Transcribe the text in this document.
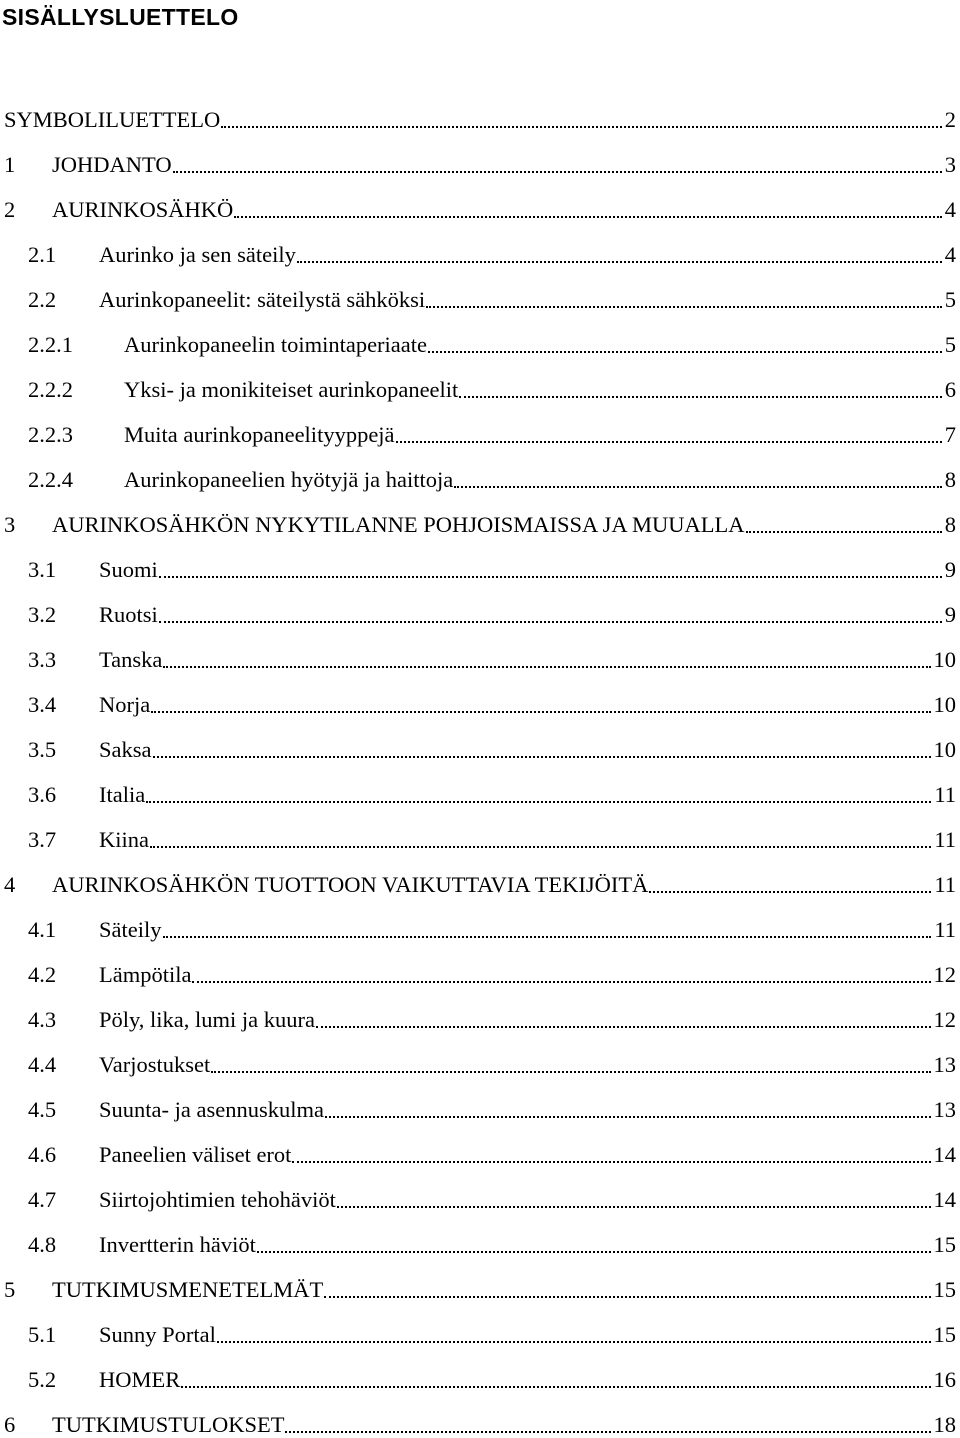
SISÄLLYSLUETTELO
SYMBOLILUETTELO	2
1 JOHDANTO	3
2 AURINKOSÄHKÖ	4
2.1 Aurinko ja sen säteily	4
2.2 Aurinkopaneelit: säteilystä sähköksi	5
2.2.1 Aurinkopaneelin toimintaperiaate	5
2.2.2 Yksi- ja monikiteiset aurinkopaneelit	6
2.2.3 Muita aurinkopaneelityyppejä	7
2.2.4 Aurinkopaneelien hyötyjä ja haittoja	8
3 AURINKOSÄHKÖN NYKYTILANNE POHJOISMAISSA JA MUUALLA	8
3.1 Suomi	9
3.2 Ruotsi	9
3.3 Tanska	10
3.4 Norja	10
3.5 Saksa	10
3.6 Italia	11
3.7 Kiina	11
4 AURINKOSÄHKÖN TUOTTOON VAIKUTTAVIA TEKIJÖITÄ	11
4.1 Säteily	11
4.2 Lämpötila	12
4.3 Pöly, lika, lumi ja kuura	12
4.4 Varjostukset	13
4.5 Suunta- ja asennuskulma	13
4.6 Paneelien väliset erot	14
4.7 Siirtojohtimien tehohäviöt	14
4.8 Invertterin häviöt	15
5 TUTKIMUSMENETELMÄT	15
5.1 Sunny Portal	15
5.2 HOMER	16
6 TUTKIMUSTULOKSET	18
